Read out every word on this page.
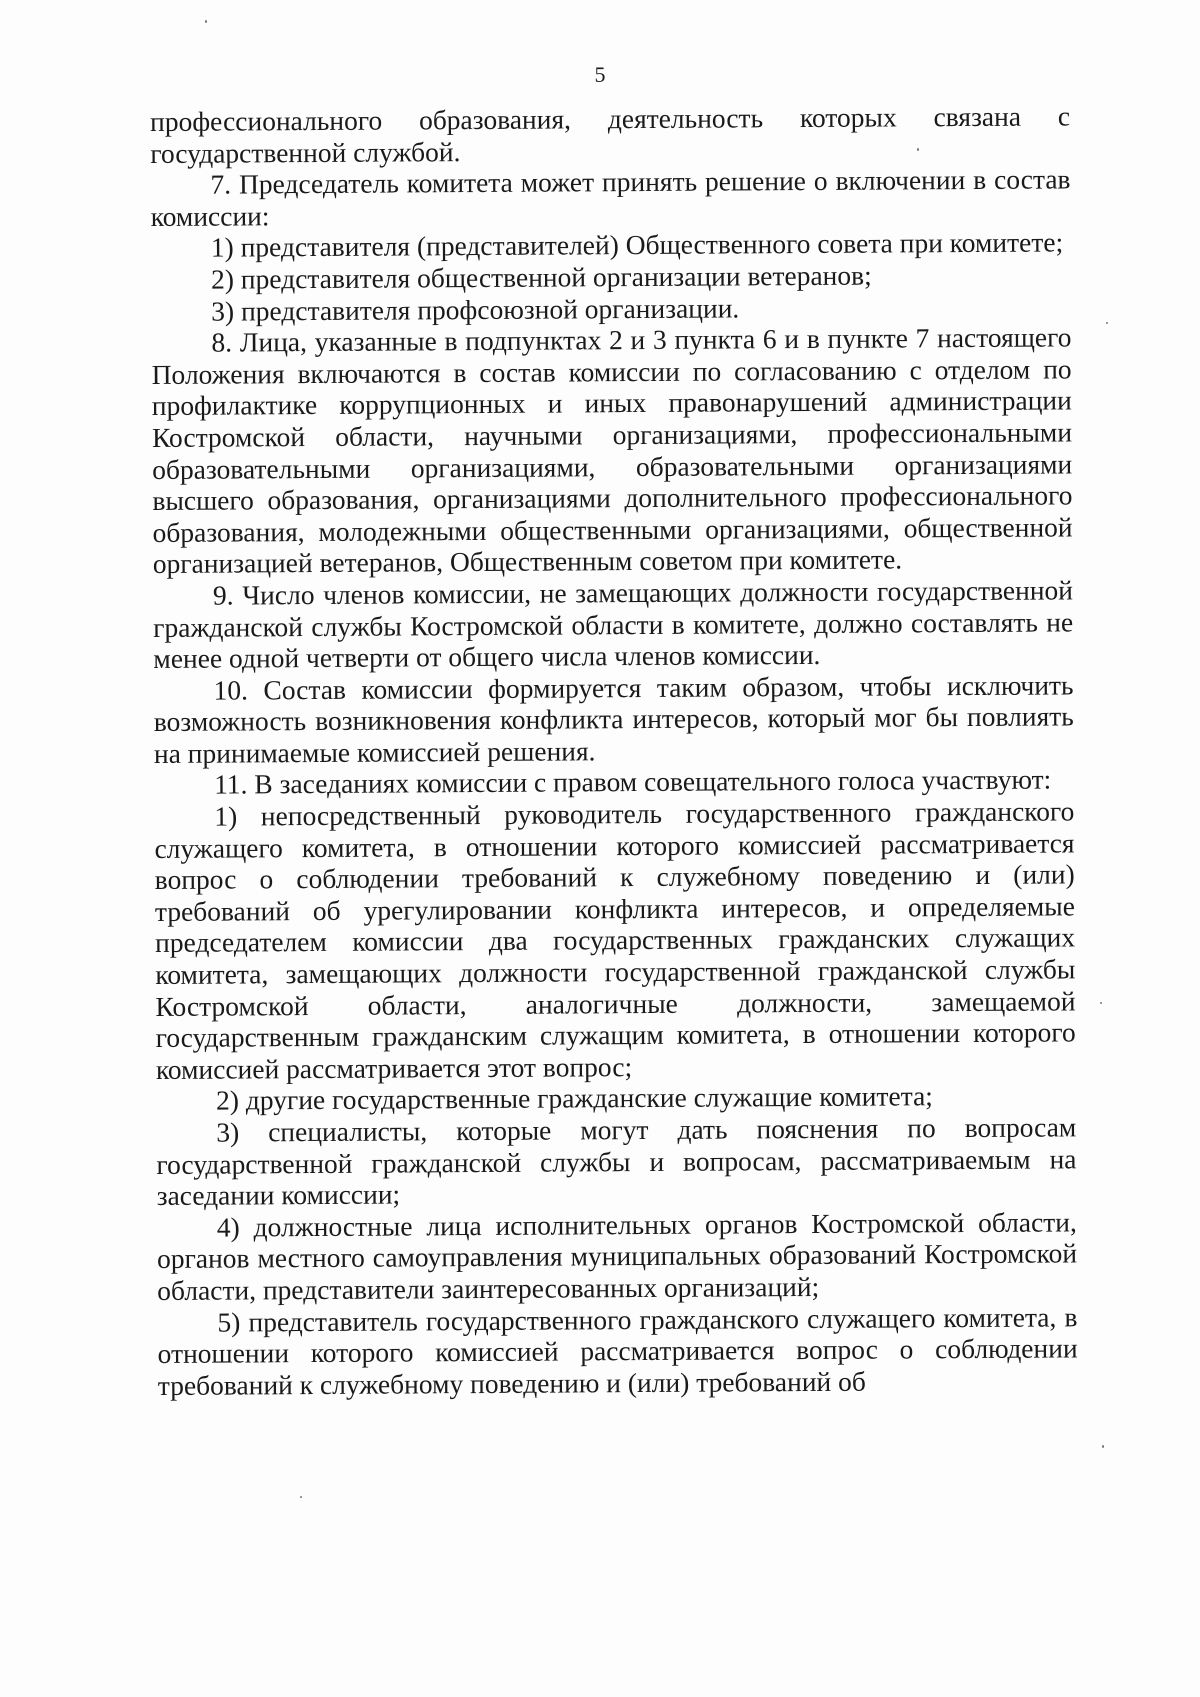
5

профессионального образования, деятельность которых связана с государственной службой.

7. Председатель комитета может принять решение о включении в состав комиссии:

1) представителя (представителей) Общественного совета при комитете;

2) представителя общественной организации ветеранов;

3) представителя профсоюзной организации.

8. Лица, указанные в подпунктах 2 и 3 пункта 6 и в пункте 7 настоящего Положения включаются в состав комиссии по согласованию с отделом по профилактике коррупционных и иных правонарушений администрации Костромской области, научными организациями, профессиональными образовательными организациями, образовательными организациями высшего образования, организациями дополнительного профессионального образования, молодежными общественными организациями, общественной организацией ветеранов, Общественным советом при комитете.

9. Число членов комиссии, не замещающих должности государственной гражданской службы Костромской области в комитете, должно составлять не менее одной четверти от общего числа членов комиссии.

10. Состав комиссии формируется таким образом, чтобы исключить возможность возникновения конфликта интересов, который мог бы повлиять на принимаемые комиссией решения.

11. В заседаниях комиссии с правом совещательного голоса участвуют:

1) непосредственный руководитель государственного гражданского служащего комитета, в отношении которого комиссией рассматривается вопрос о соблюдении требований к служебному поведению и (или) требований об урегулировании конфликта интересов, и определяемые председателем комиссии два государственных гражданских служащих комитета, замещающих должности государственной гражданской службы Костромской области, аналогичные должности, замещаемой государственным гражданским служащим комитета, в отношении которого комиссией рассматривается этот вопрос;

2) другие государственные гражданские служащие комитета;

3) специалисты, которые могут дать пояснения по вопросам государственной гражданской службы и вопросам, рассматриваемым на заседании комиссии;

4) должностные лица исполнительных органов Костромской области, органов местного самоуправления муниципальных образований Костромской области, представители заинтересованных организаций;

5) представитель государственного гражданского служащего комитета, в отношении которого комиссией рассматривается вопрос о соблюдении требований к служебному поведению и (или) требований об
